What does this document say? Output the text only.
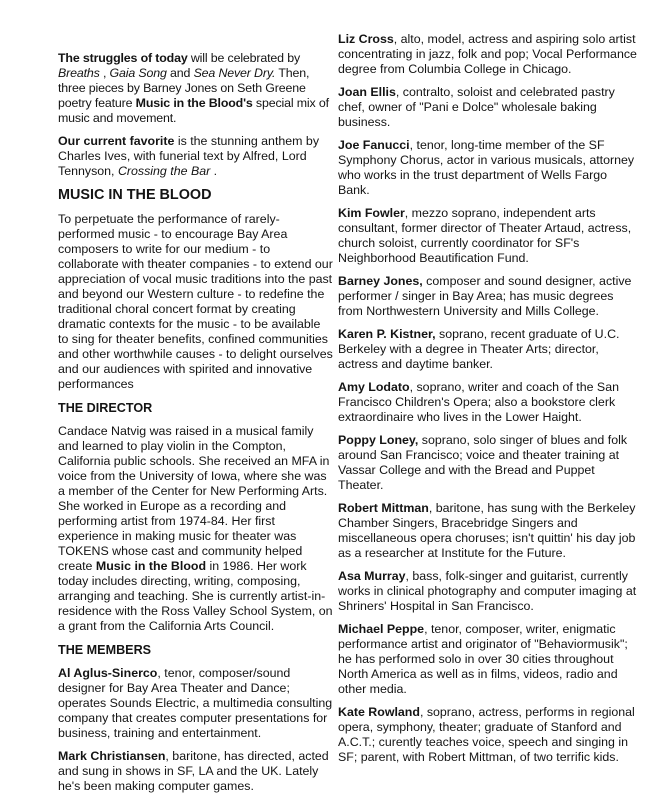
The struggles of today will be celebrated by Breaths , Gaia Song and Sea Never Dry. Then, three pieces by Barney Jones on Seth Greene poetry feature Music in the Blood's special mix of music and movement.

Our current favorite is the stunning anthem by Charles Ives, with funerial text by Alfred, Lord Tennyson, Crossing the Bar .

MUSIC IN THE BLOOD

To perpetuate the performance of rarely-performed music - to encourage Bay Area composers to write for our medium - to collaborate with theater companies - to extend our appreciation of vocal music traditions into the past and beyond our Western culture - to redefine the traditional choral concert format by creating dramatic contexts for the music - to be available to sing for theater benefits, confined communities and other worthwhile causes - to delight ourselves and our audiences with spirited and innovative performances

THE DIRECTOR

Candace Natvig was raised in a musical family and learned to play violin in the Compton, California public schools. She received an MFA in voice from the University of Iowa, where she was a member of the Center for New Performing Arts. She worked in Europe as a recording and performing artist from 1974-84. Her first experience in making music for theater was TOKENS whose cast and community helped create Music in the Blood in 1986. Her work today includes directing, writing, composing, arranging and teaching. She is currently artist-in-residence with the Ross Valley School System, on a grant from the California Arts Council.

THE MEMBERS

Al Aglus-Sinerco, tenor, composer/sound designer for Bay Area Theater and Dance; operates Sounds Electric, a multimedia consulting company that creates computer presentations for business, training and entertainment.

Mark Christiansen, baritone, has directed, acted and sung in shows in SF, LA and the UK. Lately he's been making computer games.

Liz Cross, alto, model, actress and aspiring solo artist concentrating in jazz, folk and pop; Vocal Performance degree from Columbia College in Chicago.

Joan Ellis, contralto, soloist and celebrated pastry chef, owner of "Pani e Dolce" wholesale baking business.

Joe Fanucci, tenor, long-time member of the SF Symphony Chorus, actor in various musicals, attorney who works in the trust department of Wells Fargo Bank.

Kim Fowler, mezzo soprano, independent arts consultant, former director of Theater Artaud, actress, church soloist, currently coordinator for SF's Neighborhood Beautification Fund.

Barney Jones, composer and sound designer, active performer / singer in Bay Area; has music degrees from Northwestern University and Mills College.

Karen P. Kistner, soprano, recent graduate of U.C. Berkeley with a degree in Theater Arts; director, actress and daytime banker.

Amy Lodato, soprano, writer and coach of the San Francisco Children's Opera; also a bookstore clerk extraordinaire who lives in the Lower Haight.

Poppy Loney, soprano, solo singer of blues and folk around San Francisco; voice and theater training at Vassar College and with the Bread and Puppet Theater.

Robert Mittman, baritone, has sung with the Berkeley Chamber Singers, Bracebridge Singers and miscellaneous opera choruses; isn't quittin' his day job as a researcher at Institute for the Future.

Asa Murray, bass, folk-singer and guitarist, currently works in clinical photography and computer imaging at Shriners' Hospital in San Francisco.

Michael Peppe, tenor, composer, writer, enigmatic performance artist and originator of "Behaviormusik"; he has performed solo in over 30 cities throughout North America as well as in films, videos, radio and other media.

Kate Rowland, soprano, actress, performs in regional opera, symphony, theater; graduate of Stanford and A.C.T.; curently teaches voice, speech and singing in SF; parent, with Robert Mittman, of two terrific kids.
